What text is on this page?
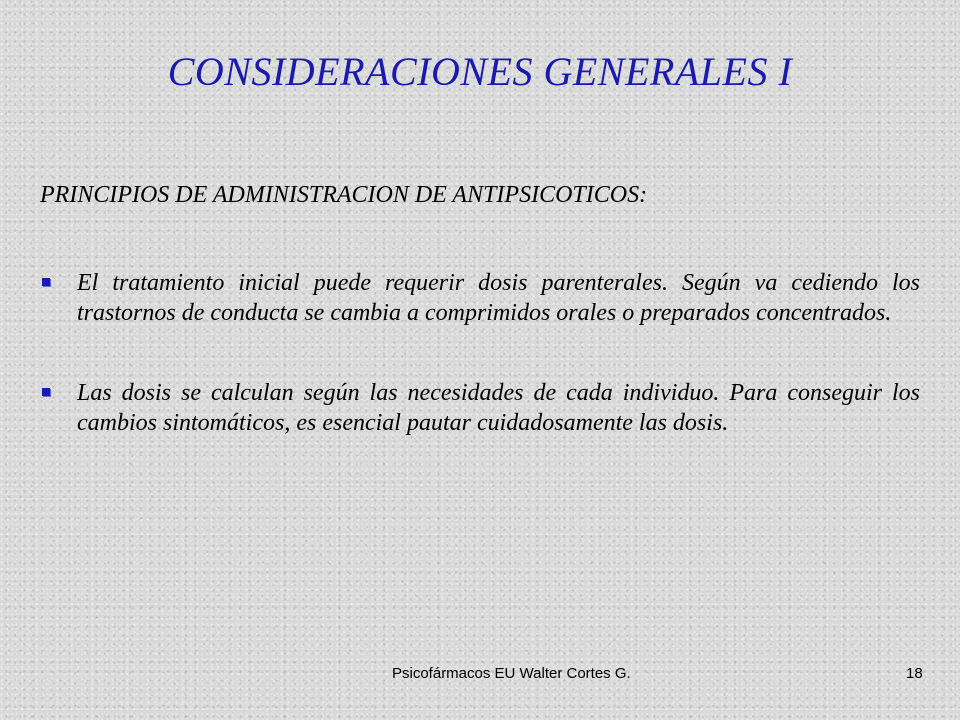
CONSIDERACIONES GENERALES I
PRINCIPIOS DE ADMINISTRACION DE ANTIPSICOTICOS:
El tratamiento inicial puede requerir dosis parenterales. Según va cediendo los trastornos de conducta se cambia a comprimidos orales o preparados concentrados.
Las dosis se calculan según las necesidades de cada individuo. Para conseguir los cambios sintomáticos, es esencial pautar cuidadosamente las dosis.
Psicofármacos EU Walter Cortes G.	18
